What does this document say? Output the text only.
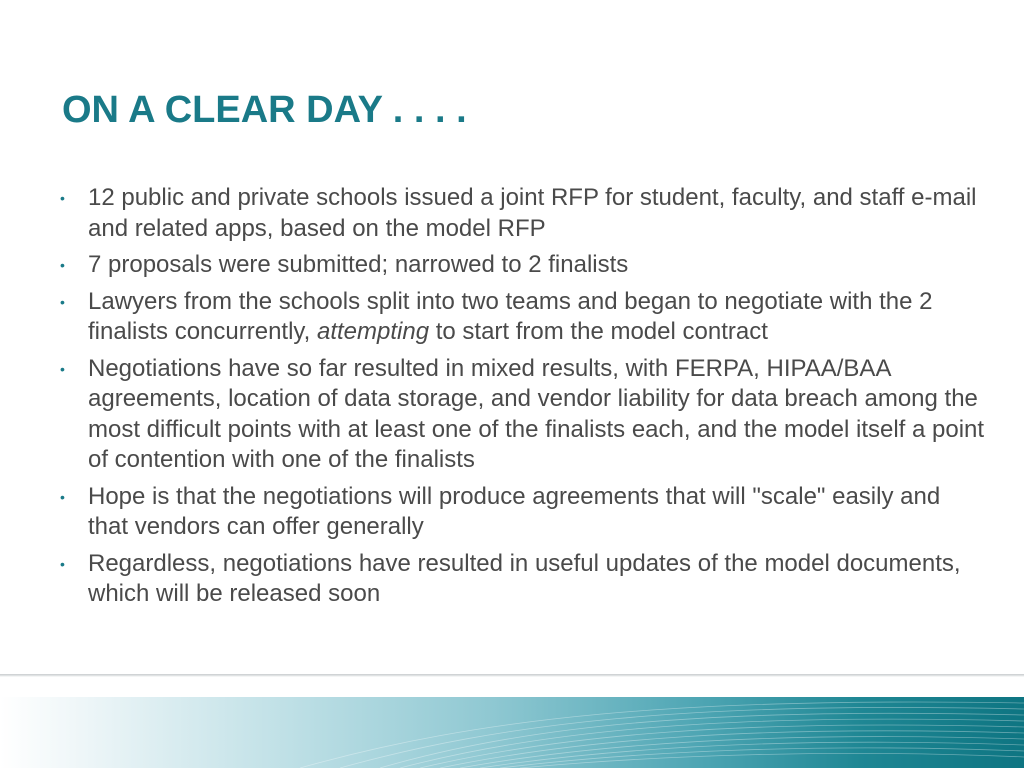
ON A CLEAR DAY . . . .
• 12 public and private schools issued a joint RFP for student, faculty, and staff e-mail and related apps, based on the model RFP
• 7 proposals were submitted; narrowed to 2 finalists
• Lawyers from the schools split into two teams and began to negotiate with the 2 finalists concurrently, attempting to start from the model contract
• Negotiations have so far resulted in mixed results, with FERPA, HIPAA/BAA agreements, location of data storage, and vendor liability for data breach among the most difficult points with at least one of the finalists each, and the model itself a point of contention with one of the finalists
• Hope is that the negotiations will produce agreements that will "scale" easily and that vendors can offer generally
• Regardless, negotiations have resulted in useful updates of the model documents, which will be released soon
